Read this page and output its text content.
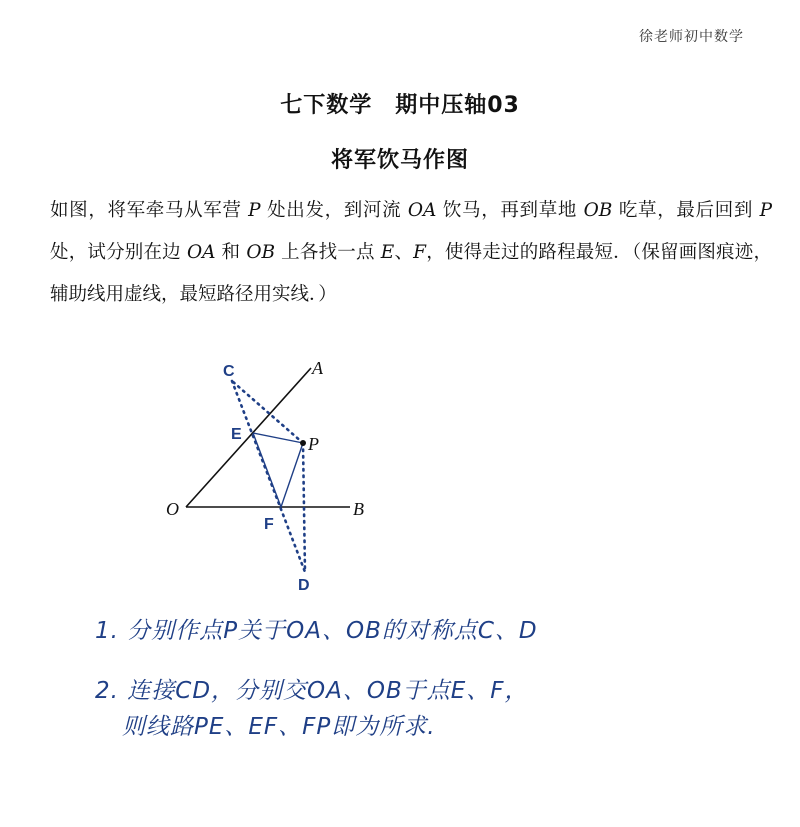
徐老师初中数学
七下数学　期中压轴03
将军饮马作图
如图，将军牵马从军营 P 处出发，到河流 OA 饮马，再到草地 OB 吃草，最后回到 P 处，试分别在边 OA 和 OB 上各找一点 E、F，使得走过的路程最短．（保留画图痕迹，辅助线用虚线，最短路径用实线．）
A
O	B
P
C
E
F
D
1. 分别作点P关于OA、OB的对称点C、D
2. 连接CD，分别交OA、OB于点E、F，
则线路PE、EF、FP即为所求.
